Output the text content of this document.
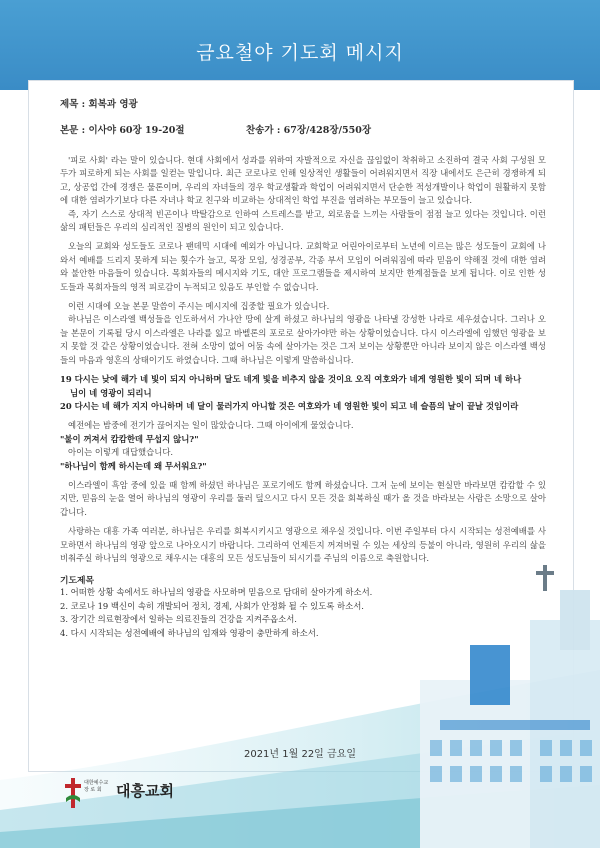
금요철야 기도회 메시지
제목 : 회복과 영광
본문 : 이사야 60장 19-20절	찬송가 : 67장/428장/550장

'피로 사회' 라는 말이 있습니다. 현대 사회에서 성과를 위하여 자발적으로 자신을 끊임없이 착취하고 소진하여 결국 사회 구성원 모두가 피로하게 되는 사회를 일컫는 말입니다. 최근 코로나로 인해 일상적인 생활들이 어려워지면서 직장 내에서도 은근히 경쟁하게 되고, 상공업 간에 경쟁은 물론이며, 우리의 자녀들의 경우 학교생활과 학업이 어려워지면서 단순한 적성개발이나 학업이 원활하지 못함에 대한 염려가기보다 다른 자녀나 학교 친구와 비교하는 상대적인 학업 부진을 염려하는 부모들이 늘고 있습니다.

즉, 자기 스스로 상대적 빈곤이나 박탈감으로 인하여 스트레스를 받고, 외로움을 느끼는 사람들이 점점 늘고 있다는 것입니다. 이런 삶의 패턴들은 우리의 심리적인 질병의 원인이 되고 있습니다.

오늘의 교회와 성도들도 코로나 팬데믹 시대에 예외가 아닙니다. 교회학교 어린아이로부터 노년에 이르는 많은 성도들이 교회에 나와서 예배를 드리지 못하게 되는 횟수가 늘고, 목장 모임, 성경공부, 각종 부서 모임이 어려워짐에 따라 믿음이 약해질 것에 대한 염려와 불안한 마음들이 있습니다. 목회자들의 메시지와 기도, 대안 프로그램들을 제시하여 보지만 한계점들을 보게 됩니다. 이로 인한 성도들과 목회자들의 영적 피로감이 누적되고 있음도 부인할 수 없습니다.

이런 시대에 오늘 본문 말씀이 주시는 메시지에 집중할 필요가 있습니다.

하나님은 이스라엘 백성들을 인도하셔서 가나안 땅에 살게 하셨고 하나님의 영광을 나타낼 강성한 나라로 세우셨습니다. 그러나 오늘 본문이 기록될 당시 이스라엘은 나라를 잃고 바벨론의 포로로 살아가야만 하는 상황이었습니다. 다시 이스라엘에 임했던 영광을 보지 못할 것 같은 상황이었습니다. 전혀 소망이 없어 어둠 속에 살아가는 것은 그저 보이는 상황뿐만 아니라 보이지 않은 이스라엘 백성들의 마음과 영혼의 상태이기도 하였습니다. 그때 하나님은 이렇게 말씀하십니다.

19 다시는 낮에 해가 네 빛이 되지 아니하며 달도 네게 빛을 비추지 않을 것이요 오직 여호와가 네게 영원한 빛이 되며 네 하나
님이 네 영광이 되리니
20 다시는 네 해가 지지 아니하며 네 달이 물러가지 아니할 것은 여호와가 네 영원한 빛이 되고 네 슬픔의 날이 끝날 것임이라

예전에는 밤중에 전기가 끊어지는 일이 많았습니다. 그때 아이에게 물었습니다.

"불이 꺼져서 캄캄한데 무섭지 않니?"

아이는 이렇게 대답했습니다.

"하나님이 함께 하시는데 왜 무서워요?"

이스라엘이 흑암 중에 있을 때 함께 하셨던 하나님은 포로기에도 함께 하셨습니다. 그저 눈에 보이는 현실만 바라보면 캄캄할 수 있지만, 믿음의 눈을 열어 하나님의 영광이 우리를 둘러 덮으시고 다시 모든 것을 회복하실 때가 올 것을 바라보는 사람은 소망으로 살아갑니다.

사랑하는 대흥 가족 여러분, 하나님은 우리를 회복시키시고 영광으로 채우실 것입니다. 이번 주일부터 다시 시작되는 성전예배를 사모하면서 하나님의 영광 앞으로 나아오시기 바랍니다. 그리하여 언제든지 꺼져버릴 수 있는 세상의 등불이 아니라, 영원히 우리의 삶을 비춰주실 하나님의 영광으로 채우시는 대흥의 모든 성도님들이 되시기를 주님의 이름으로 축원합니다.

기도제목
1. 어떠한 상황 속에서도 하나님의 영광을 사모하며 믿음으로 담대히 살아가게 하소서.
2. 코로나 19 백신이 속히 개발되어 정치, 경제, 사회가 안정화 될 수 있도록 하소서.
3. 장기간 의료현장에서 일하는 의료진들의 건강을 지켜주옵소서.
4. 다시 시작되는 성전예배에 하나님의 임재와 영광이 충만하게 하소서.
2021년 1월 22일 금요일
대한예수교
장 로 회 대흥교회
